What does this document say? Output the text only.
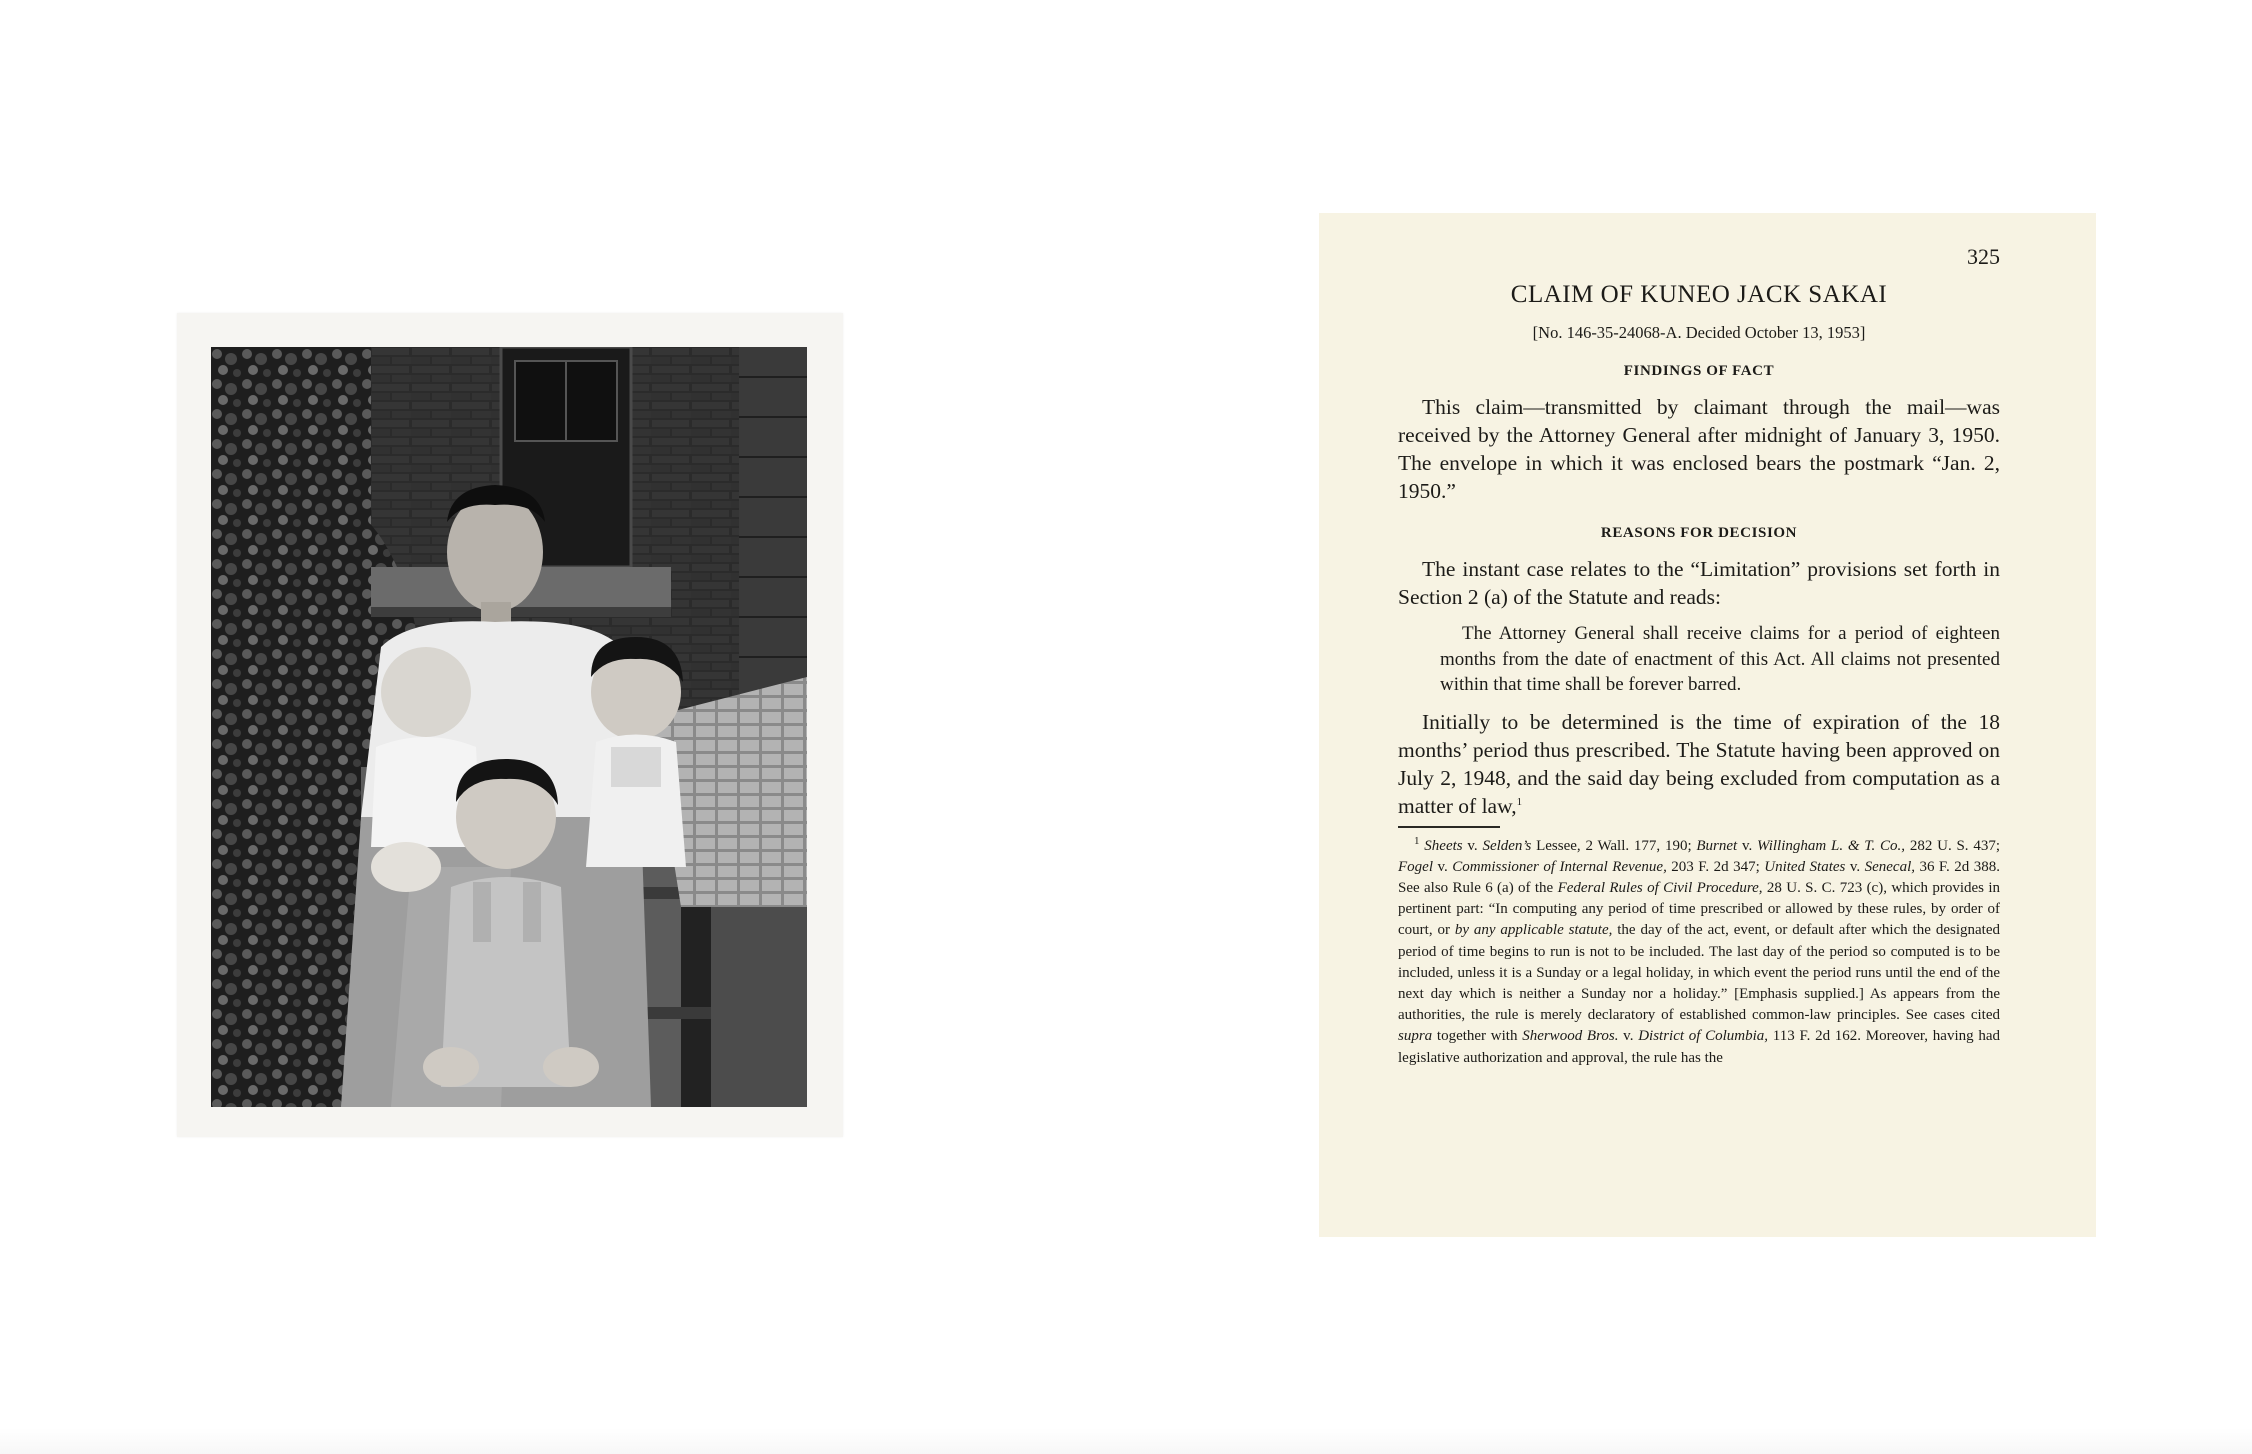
325
CLAIM OF KUNEO JACK SAKAI
[No. 146-35-24068-A. Decided October 13, 1953]
FINDINGS OF FACT

This claim—transmitted by claimant through the mail—was received by the Attorney General after midnight of January 3, 1950. The envelope in which it was enclosed bears the postmark “Jan. 2, 1950.”

REASONS FOR DECISION

The instant case relates to the “Limitation” provisions set forth in Section 2 (a) of the Statute and reads:

The Attorney General shall receive claims for a period of eighteen months from the date of enactment of this Act. All claims not presented within that time shall be forever barred.

Initially to be determined is the time of expiration of the 18 months’ period thus prescribed. The Statute having been approved on July 2, 1948, and the said day being excluded from computation as a matter of law,$^1$

$^1$ Sheets v. Selden’s Lessee, 2 Wall. 177, 190; Burnet v. Willingham L. & T. Co., 282 U. S. 437; Fogel v. Commissioner of Internal Revenue, 203 F. 2d 347; United States v. Senecal, 36 F. 2d 388. See also Rule 6 (a) of the Federal Rules of Civil Procedure, 28 U. S. C. 723 (c), which provides in pertinent part: “In computing any period of time prescribed or allowed by these rules, by order of court, or by any applicable statute, the day of the act, event, or default after which the designated period of time begins to run is not to be included. The last day of the period so computed is to be included, unless it is a Sunday or a legal holiday, in which event the period runs until the end of the next day which is neither a Sunday nor a holiday.” [Emphasis supplied.] As appears from the authorities, the rule is merely declaratory of established common-law principles. See cases cited supra together with Sherwood Bros. v. District of Columbia, 113 F. 2d 162. Moreover, having had legislative authorization and approval, the rule has the
